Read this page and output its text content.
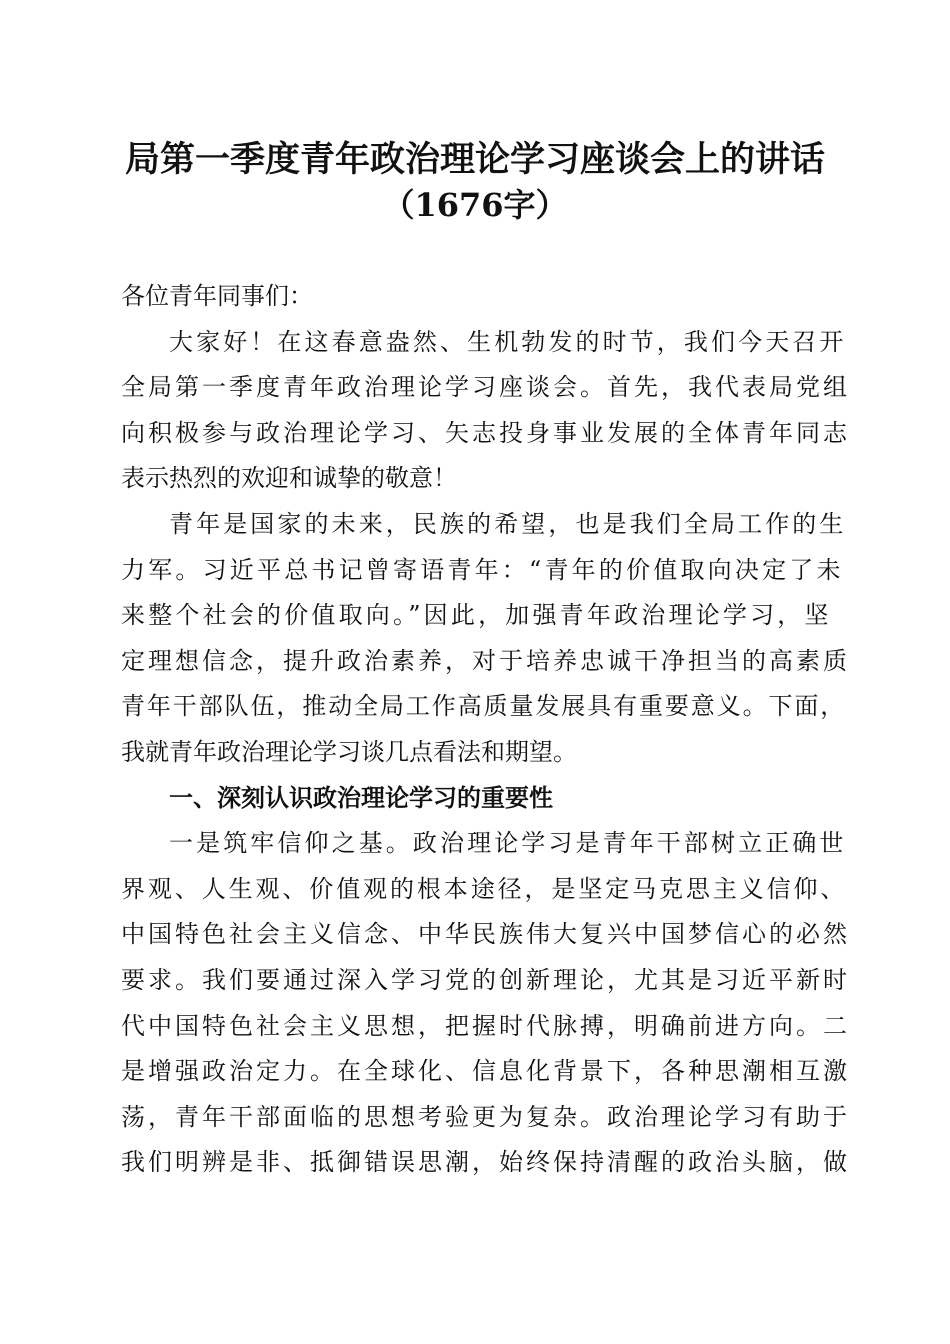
局第一季度青年政治理论学习座谈会上的讲话
（1676字）
各位青年同事们：
大家好！在这春意盎然、生机勃发的时节，我们今天召开
全局第一季度青年政治理论学习座谈会。首先，我代表局党组
向积极参与政治理论学习、矢志投身事业发展的全体青年同志
表示热烈的欢迎和诚挚的敬意！
青年是国家的未来，民族的希望，也是我们全局工作的生
力军。习近平总书记曾寄语青年：“青年的价值取向决定了未
来整个社会的价值取向。”因此，加强青年政治理论学习，坚
定理想信念，提升政治素养，对于培养忠诚干净担当的高素质
青年干部队伍，推动全局工作高质量发展具有重要意义。下面，
我就青年政治理论学习谈几点看法和期望。
一、深刻认识政治理论学习的重要性
一是筑牢信仰之基。政治理论学习是青年干部树立正确世
界观、人生观、价值观的根本途径，是坚定马克思主义信仰、
中国特色社会主义信念、中华民族伟大复兴中国梦信心的必然
要求。我们要通过深入学习党的创新理论，尤其是习近平新时
代中国特色社会主义思想，把握时代脉搏，明确前进方向。二
是增强政治定力。在全球化、信息化背景下，各种思潮相互激
荡，青年干部面临的思想考验更为复杂。政治理论学习有助于
我们明辨是非、抵御错误思潮，始终保持清醒的政治头脑，做
